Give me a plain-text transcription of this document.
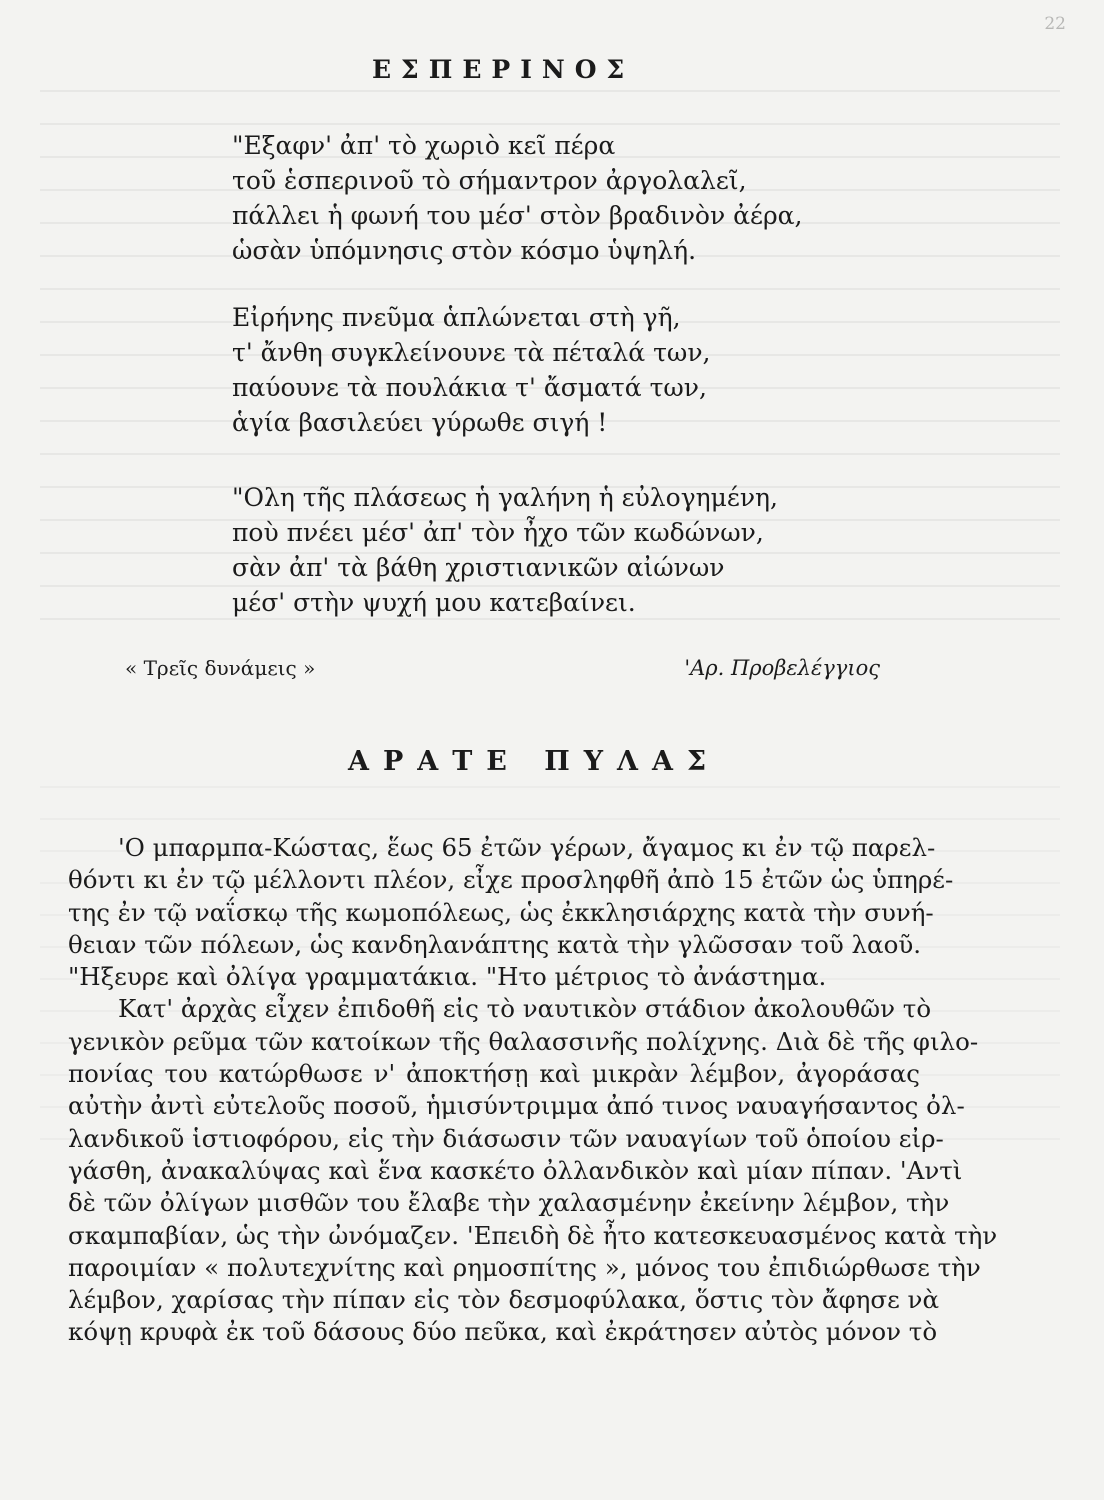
22
ΕΣΠΕΡΙΝΟΣ
"Εξαφν' ἀπ' τὸ χωριὸ κεῖ πέρα
τοῦ ἑσπερινοῦ τὸ σήμαντρον ἀργολαλεῖ,
πάλλει ἡ φωνή του μέσ' στὸν βραδινὸν ἀέρα,
ὡσὰν ὑπόμνησις στὸν κόσμο ὑψηλή.
Εἰρήνης πνεῦμα ἁπλώνεται στὴ γῆ,
τ' ἄνθη συγκλείνουνε τὰ πέταλά των,
παύουνε τὰ πουλάκια τ' ἄσματά των,
ἁγία βασιλεύει γύρωθε σιγή !
"Ολη τῆς πλάσεως ἡ γαλήνη ἡ εὐλογημένη,
ποὺ πνέει μέσ' ἀπ' τὸν ἦχο τῶν κωδώνων,
σὰν ἀπ' τὰ βάθη χριστιανικῶν αἰώνων
μέσ' στὴν ψυχή μου κατεβαίνει.
« Τρεῖς δυνάμεις »	'Αρ. Προβελέγγιος
ΑΡΑΤΕ ΠΥΛΑΣ
'Ο μπαρμπα-Κώστας, ἕως 65 ἐτῶν γέρων, ἄγαμος κι ἐν τῷ παρελ-
θόντι κι ἐν τῷ μέλλοντι πλέον, εἶχε προσληφθῆ ἀπὸ 15 ἐτῶν ὡς ὑπηρέ-
της ἐν τῷ ναΐσκῳ τῆς κωμοπόλεως, ὡς ἐκκλησιάρχης κατὰ τὴν συνή-
θειαν τῶν πόλεων, ὡς κανδηλανάπτης κατὰ τὴν γλῶσσαν τοῦ λαοῦ.
"Ηξευρε καὶ ὀλίγα γραμματάκια. "Ητο μέτριος τὸ ἀνάστημα.
Κατ' ἀρχὰς εἶχεν ἐπιδοθῆ εἰς τὸ ναυτικὸν στάδιον ἀκολουθῶν τὸ
γενικὸν ρεῦμα τῶν κατοίκων τῆς θαλασσινῆς πολίχνης. Διὰ δὲ τῆς φιλο-
πονίας του κατώρθωσε ν' ἀποκτήσῃ καὶ μικρὰν λέμβον, ἀγοράσας
αὐτὴν ἀντὶ εὐτελοῦς ποσοῦ, ἡμισύντριμμα ἀπό τινος ναυαγήσαντος ὀλ-
λανδικοῦ ἱστιοφόρου, εἰς τὴν διάσωσιν τῶν ναυαγίων τοῦ ὁποίου εἰρ-
γάσθη, ἀνακαλύψας καὶ ἕνα κασκέτο ὀλλανδικὸν καὶ μίαν πίπαν. 'Αντὶ
δὲ τῶν ὀλίγων μισθῶν του ἔλαβε τὴν χαλασμένην ἐκείνην λέμβον, τὴν
σκαμπαβίαν, ὡς τὴν ὠνόμαζεν. 'Επειδὴ δὲ ἦτο κατεσκευασμένος κατὰ τὴν
παροιμίαν « πολυτεχνίτης καὶ ρημοσπίτης », μόνος του ἐπιδιώρθωσε τὴν
λέμβον, χαρίσας τὴν πίπαν εἰς τὸν δεσμοφύλακα, ὅστις τὸν ἄφησε νὰ
κόψῃ κρυφὰ ἐκ τοῦ δάσους δύο πεῦκα, καὶ ἐκράτησεν αὐτὸς μόνον τὸ
